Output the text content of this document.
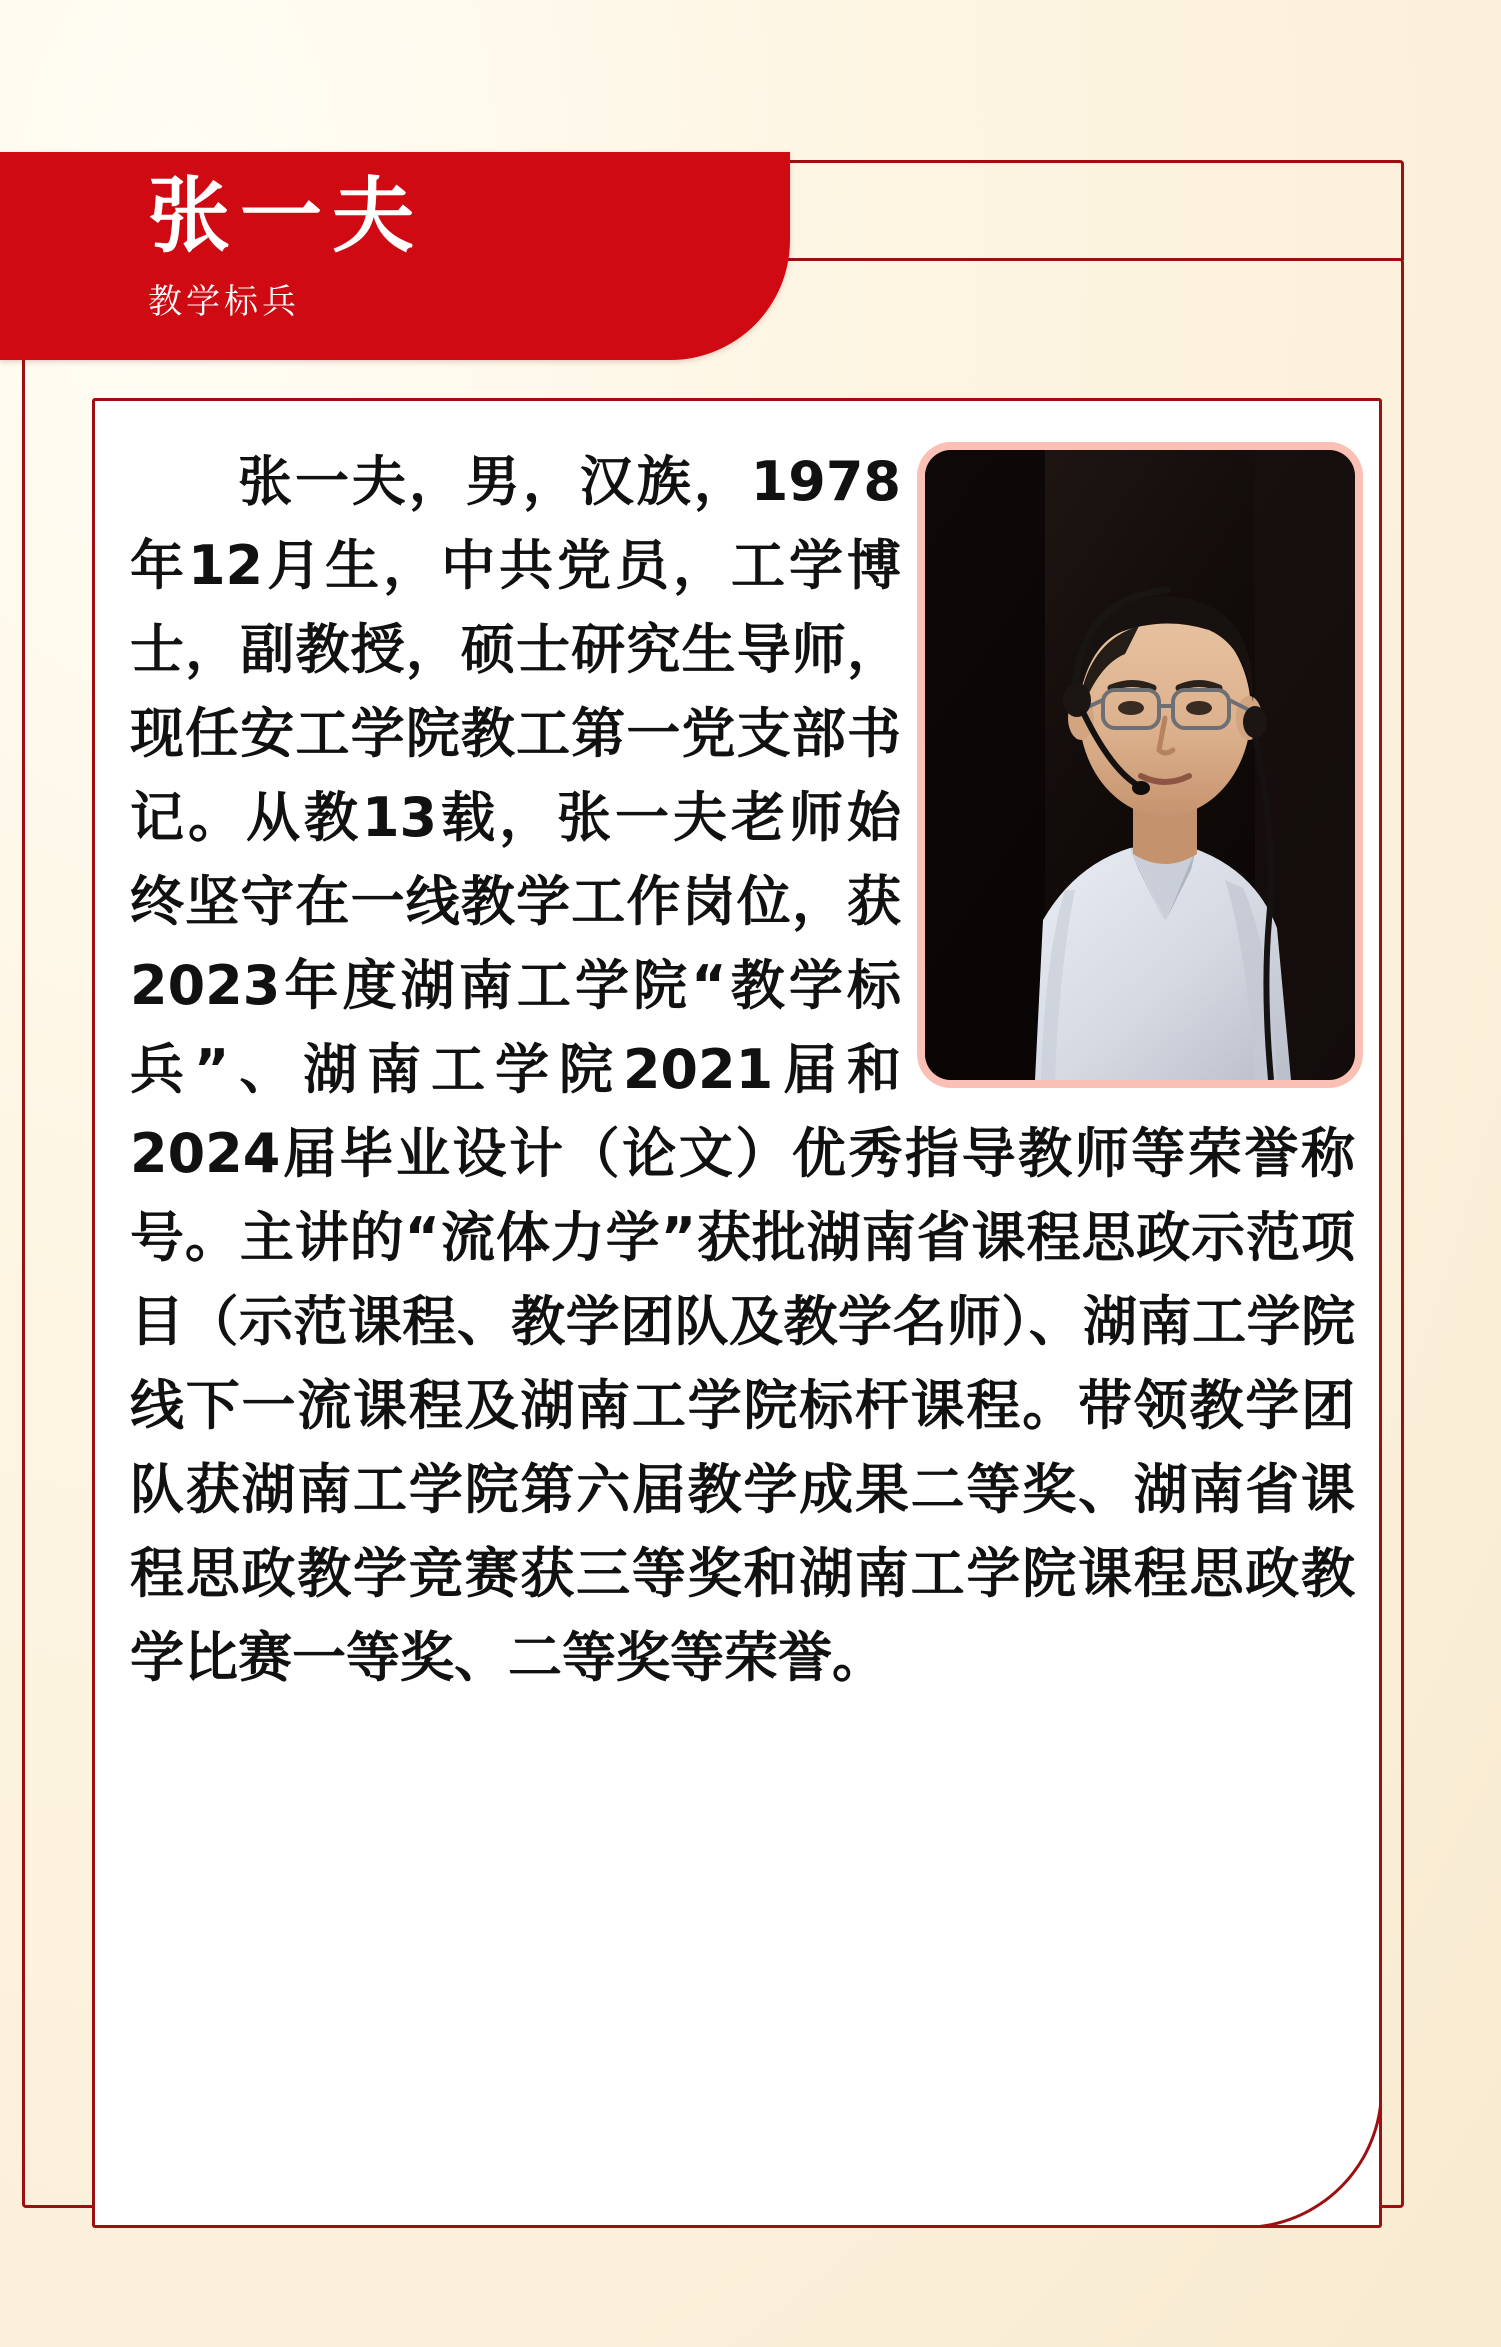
张一夫
教学标兵

张一夫，男，汉族，1978年12月生，中共党员，工学博士，副教授，硕士研究生导师，现任安工学院教工第一党支部书记。从教13载，张一夫老师始终坚守在一线教学工作岗位，获2023年度湖南工学院“教学标兵”、湖南工学院2021届和2024届毕业设计（论文）优秀指导教师等荣誉称号。主讲的“流体力学”获批湖南省课程思政示范项目（示范课程、教学团队及教学名师）、湖南工学院线下一流课程及湖南工学院标杆课程。带领教学团队获湖南工学院第六届教学成果二等奖、湖南省课程思政教学竞赛获三等奖和湖南工学院课程思政教学比赛一等奖、二等奖等荣誉。
